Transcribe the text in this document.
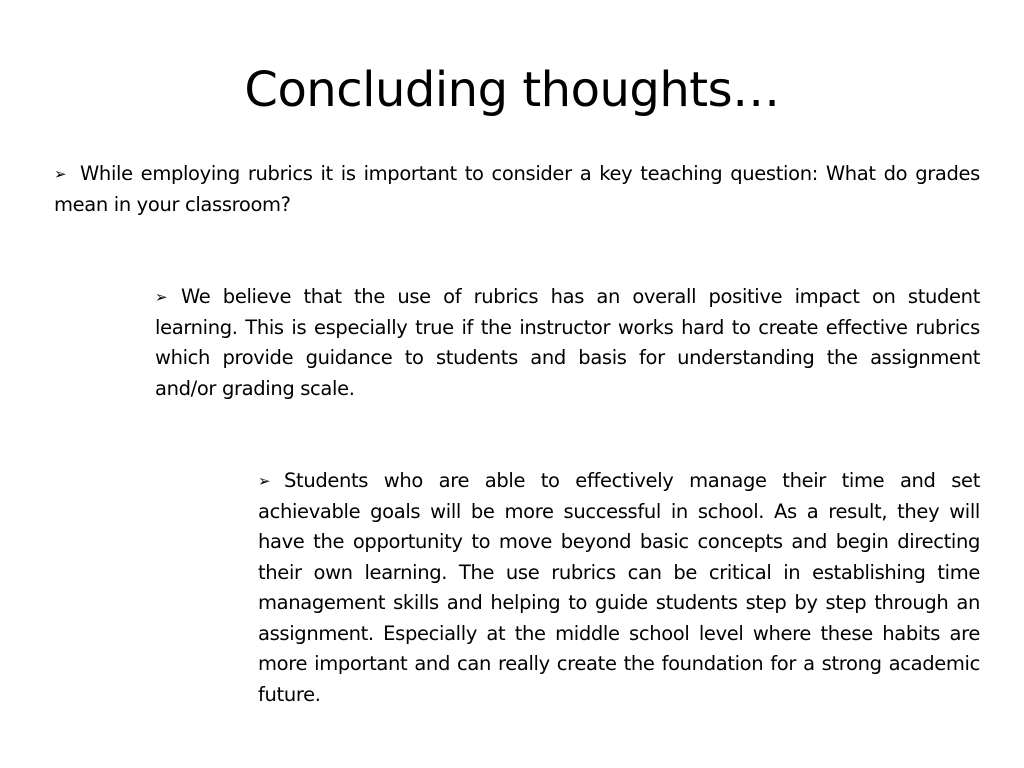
Concluding thoughts…

➢ While employing rubrics it is important to consider a key teaching question: What do grades mean in your classroom?

➢ We believe that the use of rubrics has an overall positive impact on student learning. This is especially true if the instructor works hard to create effective rubrics which provide guidance to students and basis for understanding the assignment and/or grading scale.

➢ Students who are able to effectively manage their time and set achievable goals will be more successful in school. As a result, they will have the opportunity to move beyond basic concepts and begin directing their own learning. The use rubrics can be critical in establishing time management skills and helping to guide students step by step through an assignment. Especially at the middle school level where these habits are more important and can really create the foundation for a strong academic future.
